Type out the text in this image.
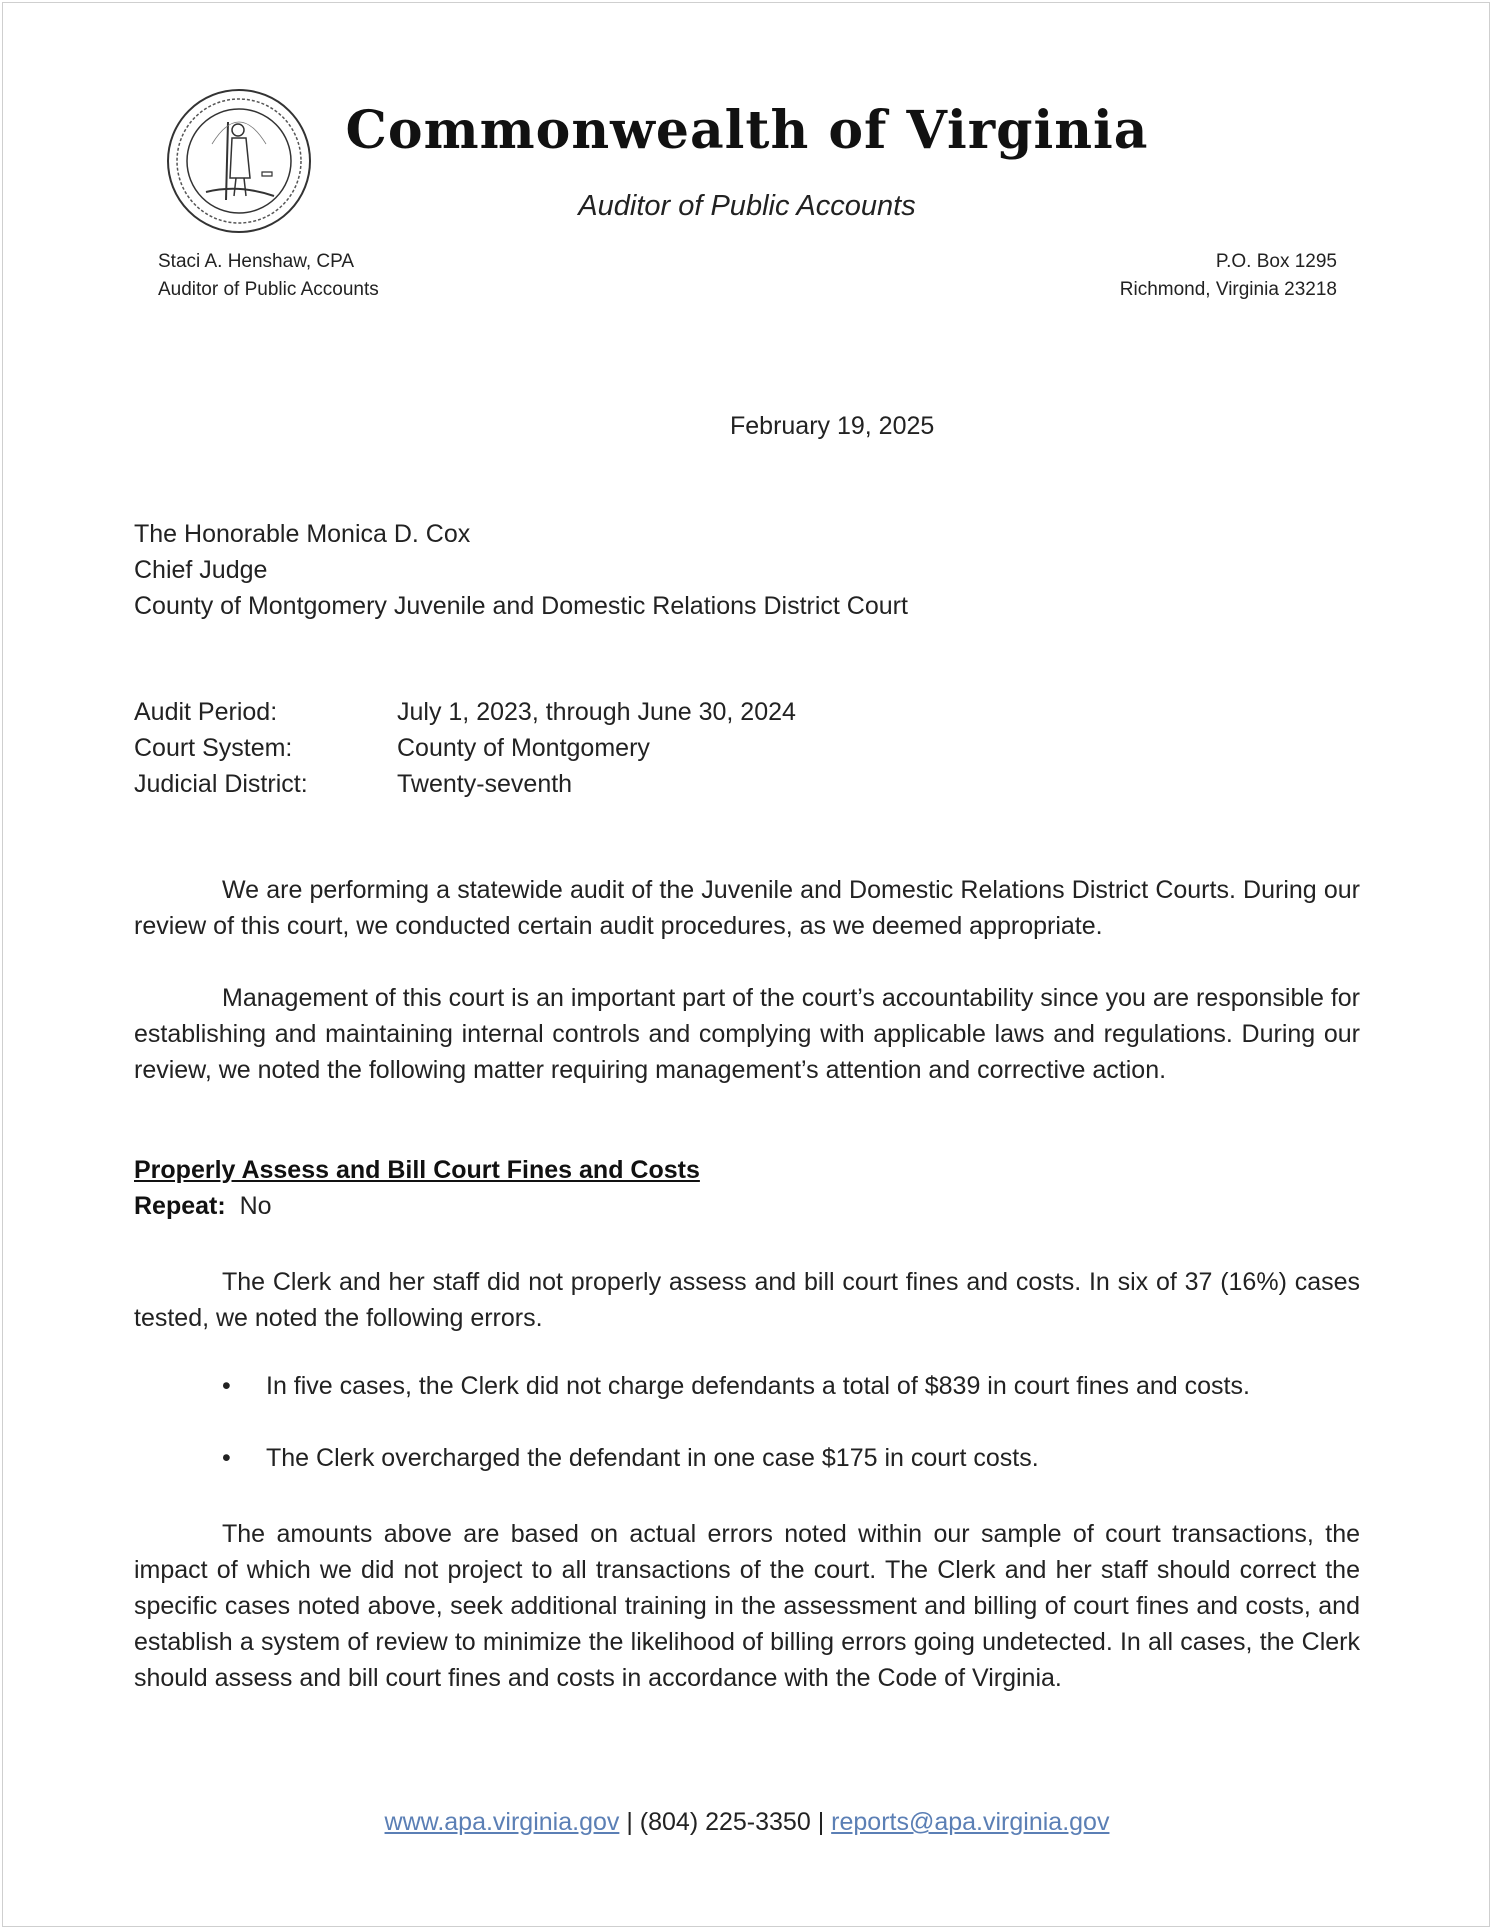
Commonwealth of Virginia
Auditor of Public Accounts
Staci A. Henshaw, CPA
Auditor of Public Accounts
P.O. Box 1295
Richmond, Virginia 23218
February 19, 2025
The Honorable Monica D. Cox
Chief Judge
County of Montgomery Juvenile and Domestic Relations District Court
Audit Period:	July 1, 2023, through June 30, 2024
Court System:	County of Montgomery
Judicial District:	Twenty-seventh

We are performing a statewide audit of the Juvenile and Domestic Relations District Courts. During our review of this court, we conducted certain audit procedures, as we deemed appropriate.

Management of this court is an important part of the court’s accountability since you are responsible for establishing and maintaining internal controls and complying with applicable laws and regulations. During our review, we noted the following matter requiring management’s attention and corrective action.

Properly Assess and Bill Court Fines and Costs
Repeat: No

The Clerk and her staff did not properly assess and bill court fines and costs. In six of 37 (16%) cases tested, we noted the following errors.

•	In five cases, the Clerk did not charge defendants a total of $839 in court fines and costs.
•	The Clerk overcharged the defendant in one case $175 in court costs.

The amounts above are based on actual errors noted within our sample of court transactions, the impact of which we did not project to all transactions of the court. The Clerk and her staff should correct the specific cases noted above, seek additional training in the assessment and billing of court fines and costs, and establish a system of review to minimize the likelihood of billing errors going undetected. In all cases, the Clerk should assess and bill court fines and costs in accordance with the Code of Virginia.

www.apa.virginia.gov | (804) 225-3350 | reports@apa.virginia.gov
